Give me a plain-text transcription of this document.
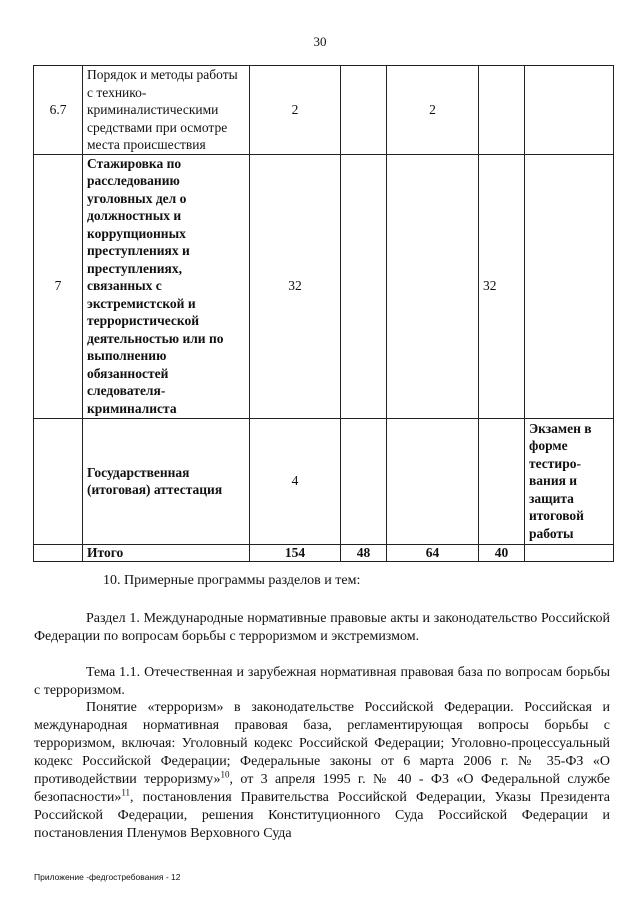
30
6.7	Порядок и методы работы с технико-криминалистическими средствами при осмотре места происшествия	2		2		
7	Стажировка по расследованию уголовных дел о должностных и коррупционных преступлениях и преступлениях, связанных с экстремистской и террористической деятельностью или по выполнению обязанностей следователя-криминалиста	32			32	
	Государственная (итоговая) аттестация	4				Экзамен в форме тестиро-вания и защита итоговой работы
	Итого	154	48	64	40	
10. Примерные программы разделов и тем:
Раздел 1. Международные нормативные правовые акты и законодательство Российской Федерации по вопросам борьбы с терроризмом и экстремизмом.
Тема 1.1. Отечественная и зарубежная нормативная правовая база по вопросам борьбы с терроризмом.
Понятие «терроризм» в законодательстве Российской Федерации. Российская и международная нормативная правовая база, регламентирующая вопросы борьбы с терроризмом, включая: Уголовный кодекс Российской Федерации; Уголовно-процессуальный кодекс Российской Федерации; Федеральные законы от 6 марта 2006 г. № 35-ФЗ «О противодействии терроризму»$^{10}$, от 3 апреля 1995 г. № 40 - ФЗ «О Федеральной службе безопасности»$^{11}$, постановления Правительства Российской Федерации, Указы Президента Российской Федерации, решения Конституционного Суда Российской Федерации и постановления Пленумов Верховного Суда
Приложение -федгостребования - 12
